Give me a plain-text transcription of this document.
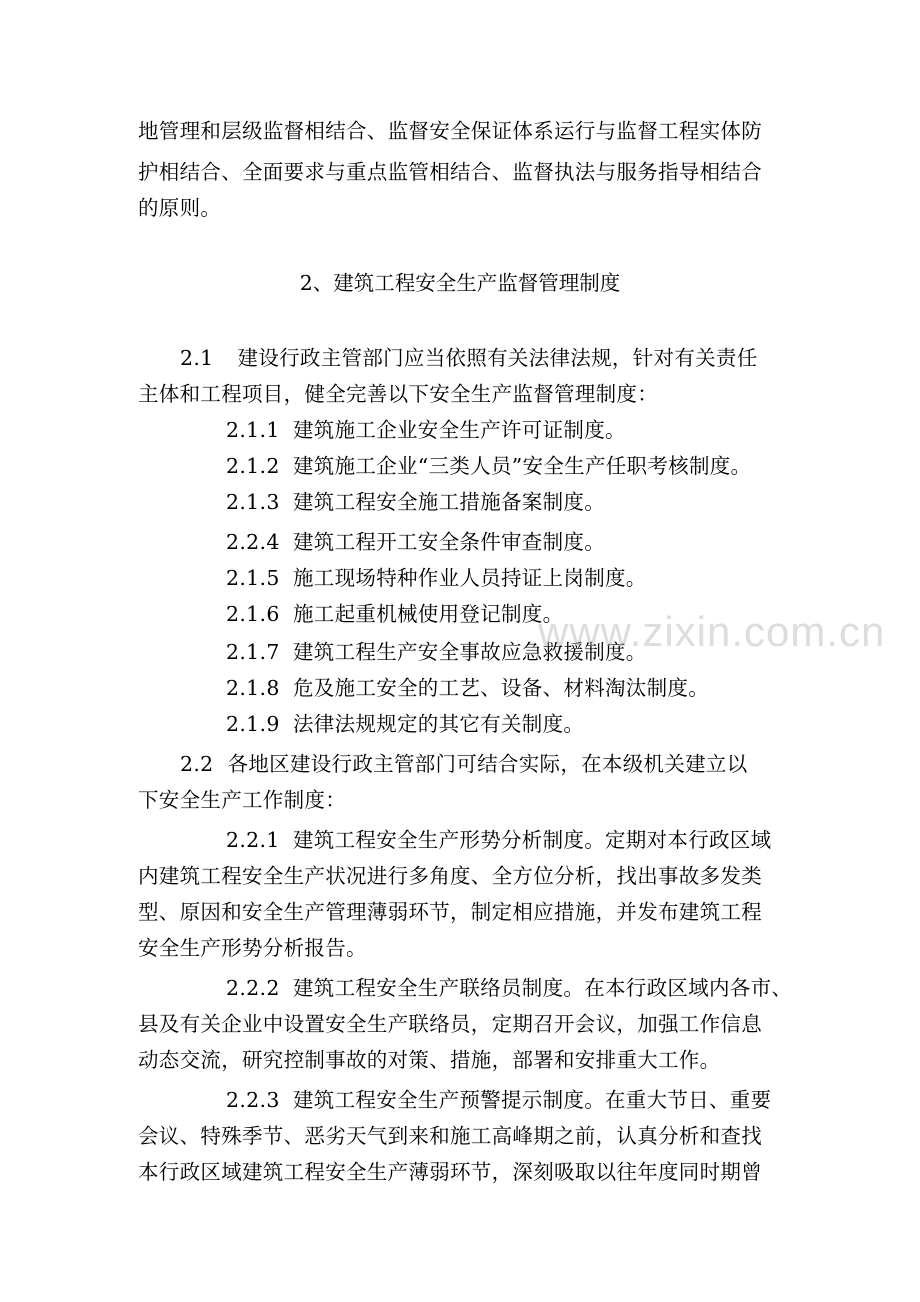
地管理和层级监督相结合、监督安全保证体系运行与监督工程实体防
护相结合、全面要求与重点监管相结合、监督执法与服务指导相结合
的原则。
2、建筑工程安全生产监督管理制度
2.1 建设行政主管部门应当依照有关法律法规，针对有关责任
主体和工程项目，健全完善以下安全生产监督管理制度：
2.1.1 建筑施工企业安全生产许可证制度。
2.1.2 建筑施工企业“三类人员”安全生产任职考核制度。
2.1.3 建筑工程安全施工措施备案制度。
2.2.4 建筑工程开工安全条件审查制度。
2.1.5 施工现场特种作业人员持证上岗制度。
2.1.6 施工起重机械使用登记制度。
2.1.7 建筑工程生产安全事故应急救援制度。
2.1.8 危及施工安全的工艺、设备、材料淘汰制度。
2.1.9 法律法规规定的其它有关制度。
2.2 各地区建设行政主管部门可结合实际，在本级机关建立以
下安全生产工作制度：
2.2.1 建筑工程安全生产形势分析制度。定期对本行政区域
内建筑工程安全生产状况进行多角度、全方位分析，找出事故多发类
型、原因和安全生产管理薄弱环节，制定相应措施，并发布建筑工程
安全生产形势分析报告。
2.2.2 建筑工程安全生产联络员制度。在本行政区域内各市、
县及有关企业中设置安全生产联络员，定期召开会议，加强工作信息
动态交流，研究控制事故的对策、措施，部署和安排重大工作。
2.2.3 建筑工程安全生产预警提示制度。在重大节日、重要
会议、特殊季节、恶劣天气到来和施工高峰期之前，认真分析和查找
本行政区域建筑工程安全生产薄弱环节，深刻吸取以往年度同时期曾
www.zixin.com.cn
